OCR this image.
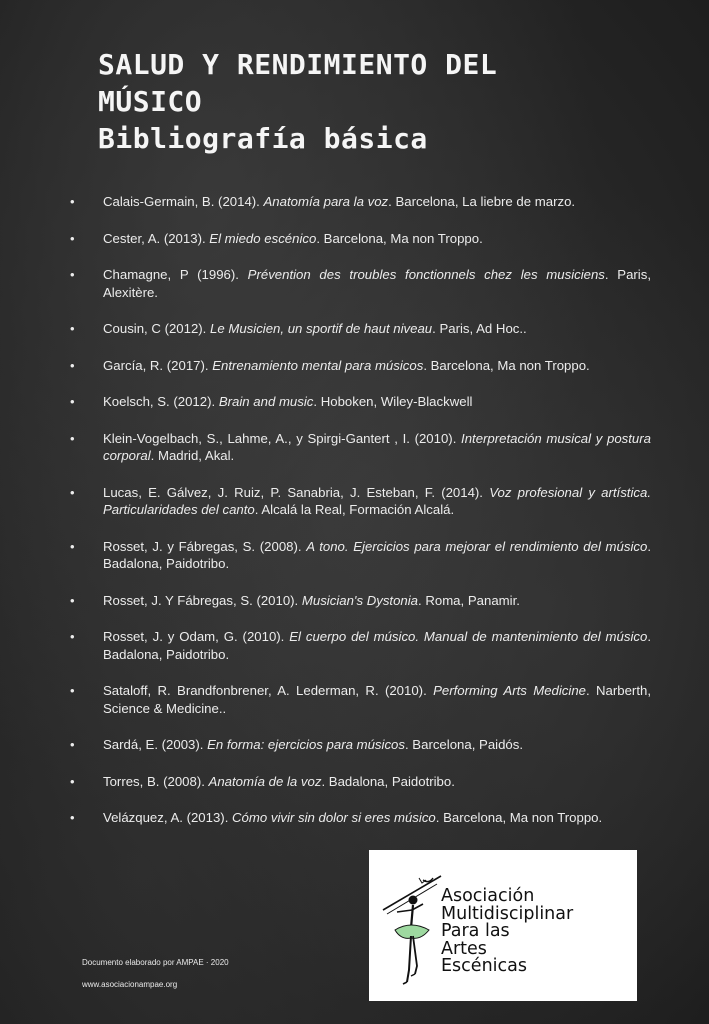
SALUD Y RENDIMIENTO DEL
MÚSICO
Bibliografía básica
• Calais-Germain, B. (2014). Anatomía para la voz. Barcelona, La liebre de marzo.
• Cester, A. (2013). El miedo escénico. Barcelona, Ma non Troppo.
• Chamagne, P (1996). Prévention des troubles fonctionnels chez les musiciens. Paris, Alexitère.
• Cousin, C (2012). Le Musicien, un sportif de haut niveau. Paris, Ad Hoc..
• García, R. (2017). Entrenamiento mental para músicos. Barcelona, Ma non Troppo.
• Koelsch, S. (2012). Brain and music. Hoboken, Wiley-Blackwell
• Klein-Vogelbach, S., Lahme, A., y Spirgi-Gantert , I. (2010). Interpretación musical y postura corporal. Madrid, Akal.
• Lucas, E. Gálvez, J. Ruiz, P. Sanabria, J. Esteban, F. (2014). Voz profesional y artística. Particularidades del canto. Alcalá la Real, Formación Alcalá.
• Rosset, J. y Fábregas, S. (2008). A tono. Ejercicios para mejorar el rendimiento del músico. Badalona, Paidotribo.
• Rosset, J. Y Fábregas, S. (2010). Musician's Dystonia. Roma, Panamir.
• Rosset, J. y Odam, G. (2010). El cuerpo del músico. Manual de mantenimiento del músico. Badalona, Paidotribo.
• Sataloff, R. Brandfonbrener, A. Lederman, R. (2010). Performing Arts Medicine. Narberth, Science & Medicine..
• Sardá, E. (2003). En forma: ejercicios para músicos. Barcelona, Paidós.
• Torres, B. (2008). Anatomía de la voz. Badalona, Paidotribo.
• Velázquez, A. (2013). Cómo vivir sin dolor si eres músico. Barcelona, Ma non Troppo.
Documento elaborado por AMPAE · 2020
www.asociacionampae.org
Asociación
Multidisciplinar
Para las
Artes
Escénicas
